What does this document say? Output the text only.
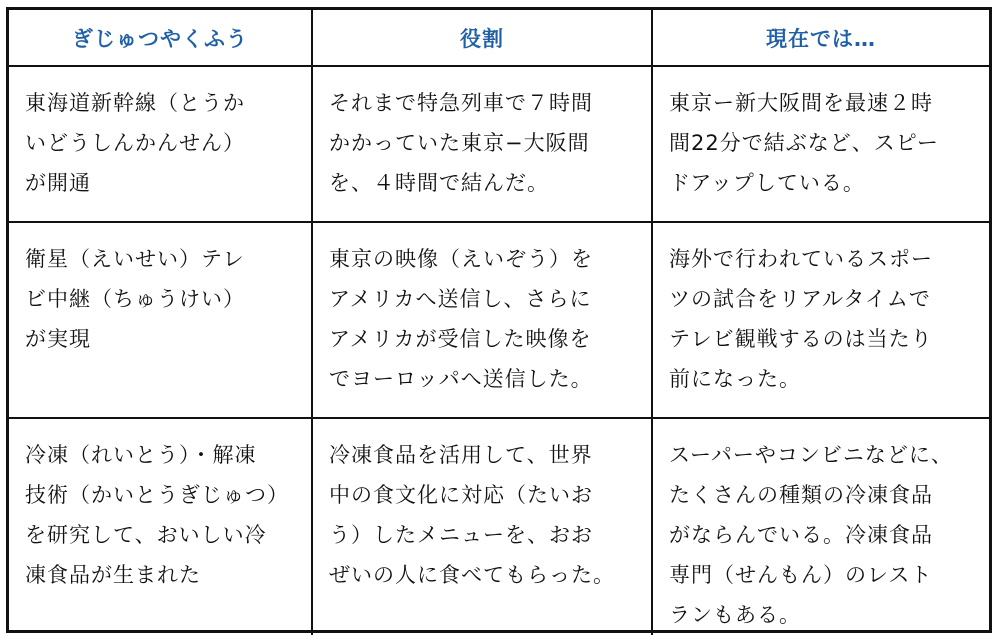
ぎじゅつやくふう	役割	現在では…

東海道新幹線（とうか
いどうしんかんせん）
が開通	それまで特急列車で７時間
かかっていた東京−大阪間
を、４時間で結んだ。	東京ー新大阪間を最速２時
間22分で結ぶなど、スピー
ドアップしている。

衛星（えいせい）テレ
ビ中継（ちゅうけい）
が実現	東京の映像（えいぞう）を
アメリカへ送信し、さらに
アメリカが受信した映像を
でヨーロッパへ送信した。	海外で行われているスポー
ツの試合をリアルタイムで
テレビ観戦するのは当たり
前になった。

冷凍（れいとう）・解凍
技術（かいとうぎじゅつ）
を研究して、おいしい冷
凍食品が生まれた	冷凍食品を活用して、世界
中の食文化に対応（たいお
う）したメニューを、おお
ぜいの人に食べてもらった。	スーパーやコンビニなどに、
たくさんの種類の冷凍食品
がならんでいる。冷凍食品
専門（せんもん）のレスト
ランもある。
